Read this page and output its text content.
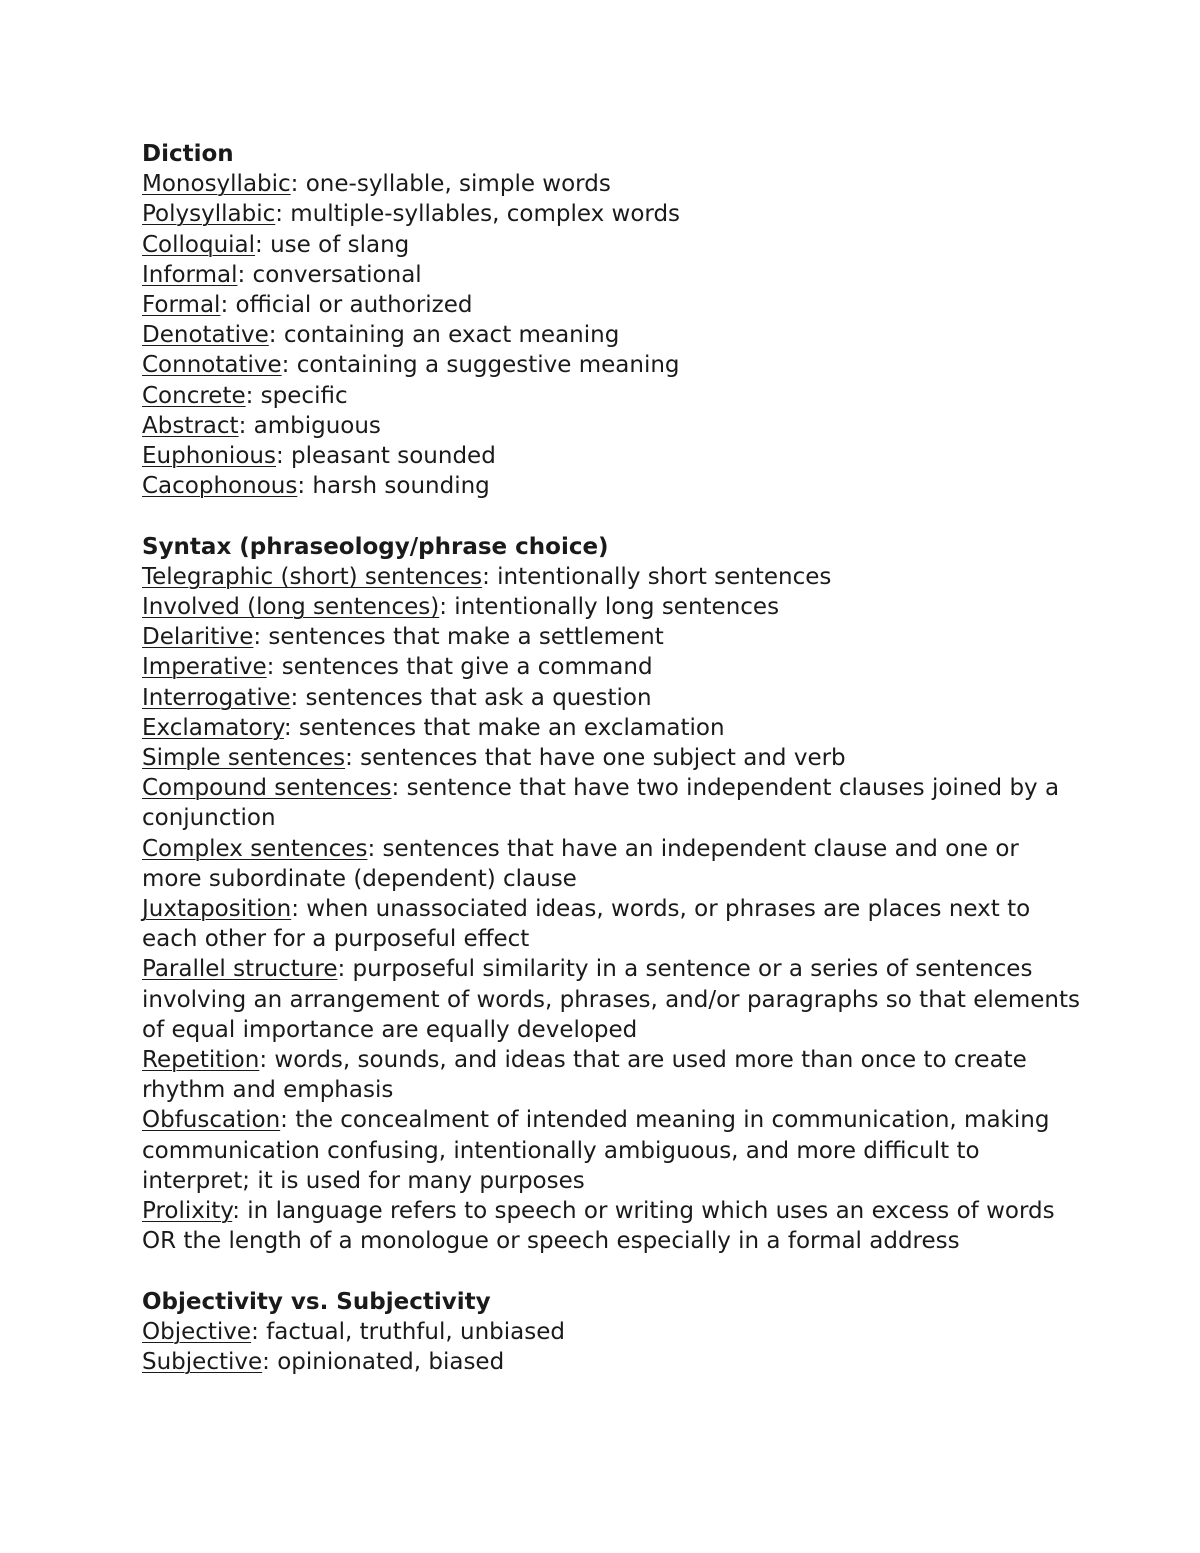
Diction
Monosyllabic: one-syllable, simple words
Polysyllabic: multiple-syllables, complex words
Colloquial: use of slang
Informal: conversational
Formal: official or authorized
Denotative: containing an exact meaning
Connotative: containing a suggestive meaning
Concrete: specific
Abstract: ambiguous
Euphonious: pleasant sounded
Cacophonous: harsh sounding
Syntax (phraseology/phrase choice)
Telegraphic (short) sentences: intentionally short sentences
Involved (long sentences): intentionally long sentences
Delaritive: sentences that make a settlement
Imperative: sentences that give a command
Interrogative: sentences that ask a question
Exclamatory: sentences that make an exclamation
Simple sentences: sentences that have one subject and verb
Compound sentences: sentence that have two independent clauses joined by a conjunction
Complex sentences: sentences that have an independent clause and one or more subordinate (dependent) clause
Juxtaposition: when unassociated ideas, words, or phrases are places next to each other for a purposeful effect
Parallel structure: purposeful similarity in a sentence or a series of sentences involving an arrangement of words, phrases, and/or paragraphs so that elements of equal importance are equally developed
Repetition: words, sounds, and ideas that are used more than once to create rhythm and emphasis
Obfuscation: the concealment of intended meaning in communication, making communication confusing, intentionally ambiguous, and more difficult to interpret; it is used for many purposes
Prolixity: in language refers to speech or writing which uses an excess of words OR the length of a monologue or speech especially in a formal address
Objectivity vs. Subjectivity
Objective: factual, truthful, unbiased
Subjective: opinionated, biased
